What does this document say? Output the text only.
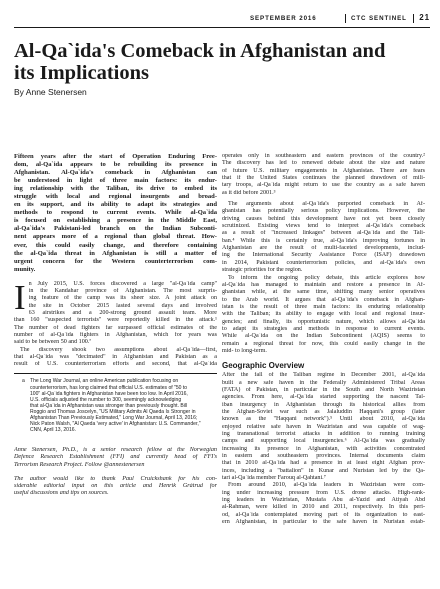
SEPTEMBER 2016	CTC SENTINEL 21
Al-Qa`ida's Comeback in Afghanistan and
its Implications

By Anne Stenersen

Fifteen years after the start of Operation Enduring Free-
dom, al-Qa`ida appears to be rebuilding its presence in
Afghanistan. Al-Qa`ida's comeback in Afghanistan can
be understood in light of three main factors: its endur-
ing relationship with the Taliban, its drive to embed its
struggle with local and regional insurgents and broad-
en its support, and its ability to adapt its strategies and
methods to respond to current events. While al-Qa`ida
is focused on establishing a presence in the Middle East,
al-Qa`ida's Pakistani-led branch on the Indian Subconti-
nent appears more of a regional than global threat. How-
ever, this could easily change, and therefore containing
the al-Qa`ida threat in Afghanistan is still a matter of
urgent concern for the Western counterterrorism com-
munity.
I n July 2015, U.S. forces discovered a large "al-Qa`ida camp"
in the Kandahar province of Afghanistan. The most surpris-
ing feature of the camp was its sheer size. A joint attack on
the site in October 2015 lasted several days and involved
63 airstrikes and a 200-strong ground assault team. More
than 160 "suspected terrorists" were reportedly killed in the attack.¹
The number of dead fighters far surpassed official estimates of the
number of al-Qa`ida fighters in Afghanistan, which for years was
said to be between 50 and 100.ª
The discovery shook two assumptions about al-Qa`ida—first,
that al-Qa`ida was "decimated" in Afghanistan and Pakistan as a
result of U.S. counterterrorism efforts and second, that al-Qa`ida
a The Long War Journal, an online American publication focusing on
counterterrorism, has long claimed that official U.S. estimates of "50 to
100" al-Qa`ida fighters in Afghanistan have been too low. In April 2016,
U.S. officials adjusted the number to 300, seemingly acknowledging
that al-Qa`ida in Afghanistan was stronger than previously thought. Bill
Roggio and Thomas Joscelyn, "US Military Admits Al Qaeda Is Stronger in
Afghanistan Than Previously Estimated," Long War Journal, April 13, 2016;
Nick Paton Walsh, "Al Qaeda 'very active' in Afghanistan: U.S. Commander,"
CNN, April 13, 2016.
Anne Stenersen, Ph.D., is a senior research fellow at the Norwegian
Defence Research Establishment (FFI) and currently head of FFI's
Terrorism Research Project. Follow @annestenersen
The author would like to thank Paul Cruickshank for his con-
siderable editorial input on this article and Henrik Gråtrud for
useful discussions and tips on sources.
operates only in southeastern and eastern provinces of the country.²
The discovery has led to renewed debate about the size and nature
of future U.S. military engagements in Afghanistan. There are fears
that if the United States continues the planned drawdown of mili-
tary troops, al-Qa`ida might return to use the country as a safe haven
as it did before 2001.³
The arguments about al-Qa`ida's purported comeback in Af-
ghanistan has potentially serious policy implications. However, the
driving causes behind this development have not yet been closely
scrutinized. Existing views tend to interpret al-Qa`ida's comeback
as a result of "increased linkages" between al-Qa`ida and the Tali-
ban.⁴ While this is certainly true, al-Qa`ida's improving fortunes in
Afghanistan are the result of multi-faceted developments, includ-
ing the International Security Assistance Force (ISAF) drawdown
in 2014, Pakistani counterterrorism policies, and al-Qa`ida's own
strategic priorities for the region.
To inform the ongoing policy debate, this article explores how
al-Qa`ida has managed to maintain and restore a presence in Af-
ghanistan while, at the same time, shifting many senior operatives
to the Arab world. It argues that al-Qa`ida's comeback in Afghan-
istan is the result of three main factors: its enduring relationship
with the Taliban; its ability to engage with local and regional insur-
gencies; and finally, its opportunistic nature, which allows al-Qa`ida
to adapt its strategies and methods in response to current events.
While al-Qa`ida on the Indian Subcontinent (AQIS) seems to
remain a regional threat for now, this could easily change in the
mid- to long-term.
Geographic Overview
After the fall of the Taliban regime in December 2001, al-Qa`ida
built a new safe haven in the Federally Administered Tribal Areas
(FATA) of Pakistan, in particular in the South and North Waziristan
agencies. From here, al-Qa`ida started supporting the nascent Tal-
iban insurgency in Afghanistan through its historical allies from
the Afghan-Soviet war such as Jalaluddin Haqqani's group (later
known as the "Haqqani network").⁵ Until about 2010, al-Qa`ida
enjoyed relative safe haven in Waziristan and was capable of wag-
ing transnational terrorist attacks in addition to running training
camps and supporting local insurgencies.⁶ Al-Qa`ida was gradually
increasing its presence in Afghanistan, with activities concentrated
in eastern and southeastern provinces. Internal documents claim
that in 2010 al-Qa`ida had a presence in at least eight Afghan prov-
inces, including a "battalion" in Kunar and Nuristan led by the Qa-
tari al-Qa`ida member Farouq al-Qahtani.⁷
From around 2010, al-Qa`ida leaders in Waziristan were com-
ing under increasing pressure from U.S. drone attacks. High-rank-
ing leaders in Waziristan, Mustafa Abu al-Yazid and Atiyah Abd
al-Rahman, were killed in 2010 and 2011, respectively. In this peri-
od, al-Qa`ida contemplated moving part of its organization to east-
ern Afghanistan, in particular to the safe haven in Nuristan estab-
